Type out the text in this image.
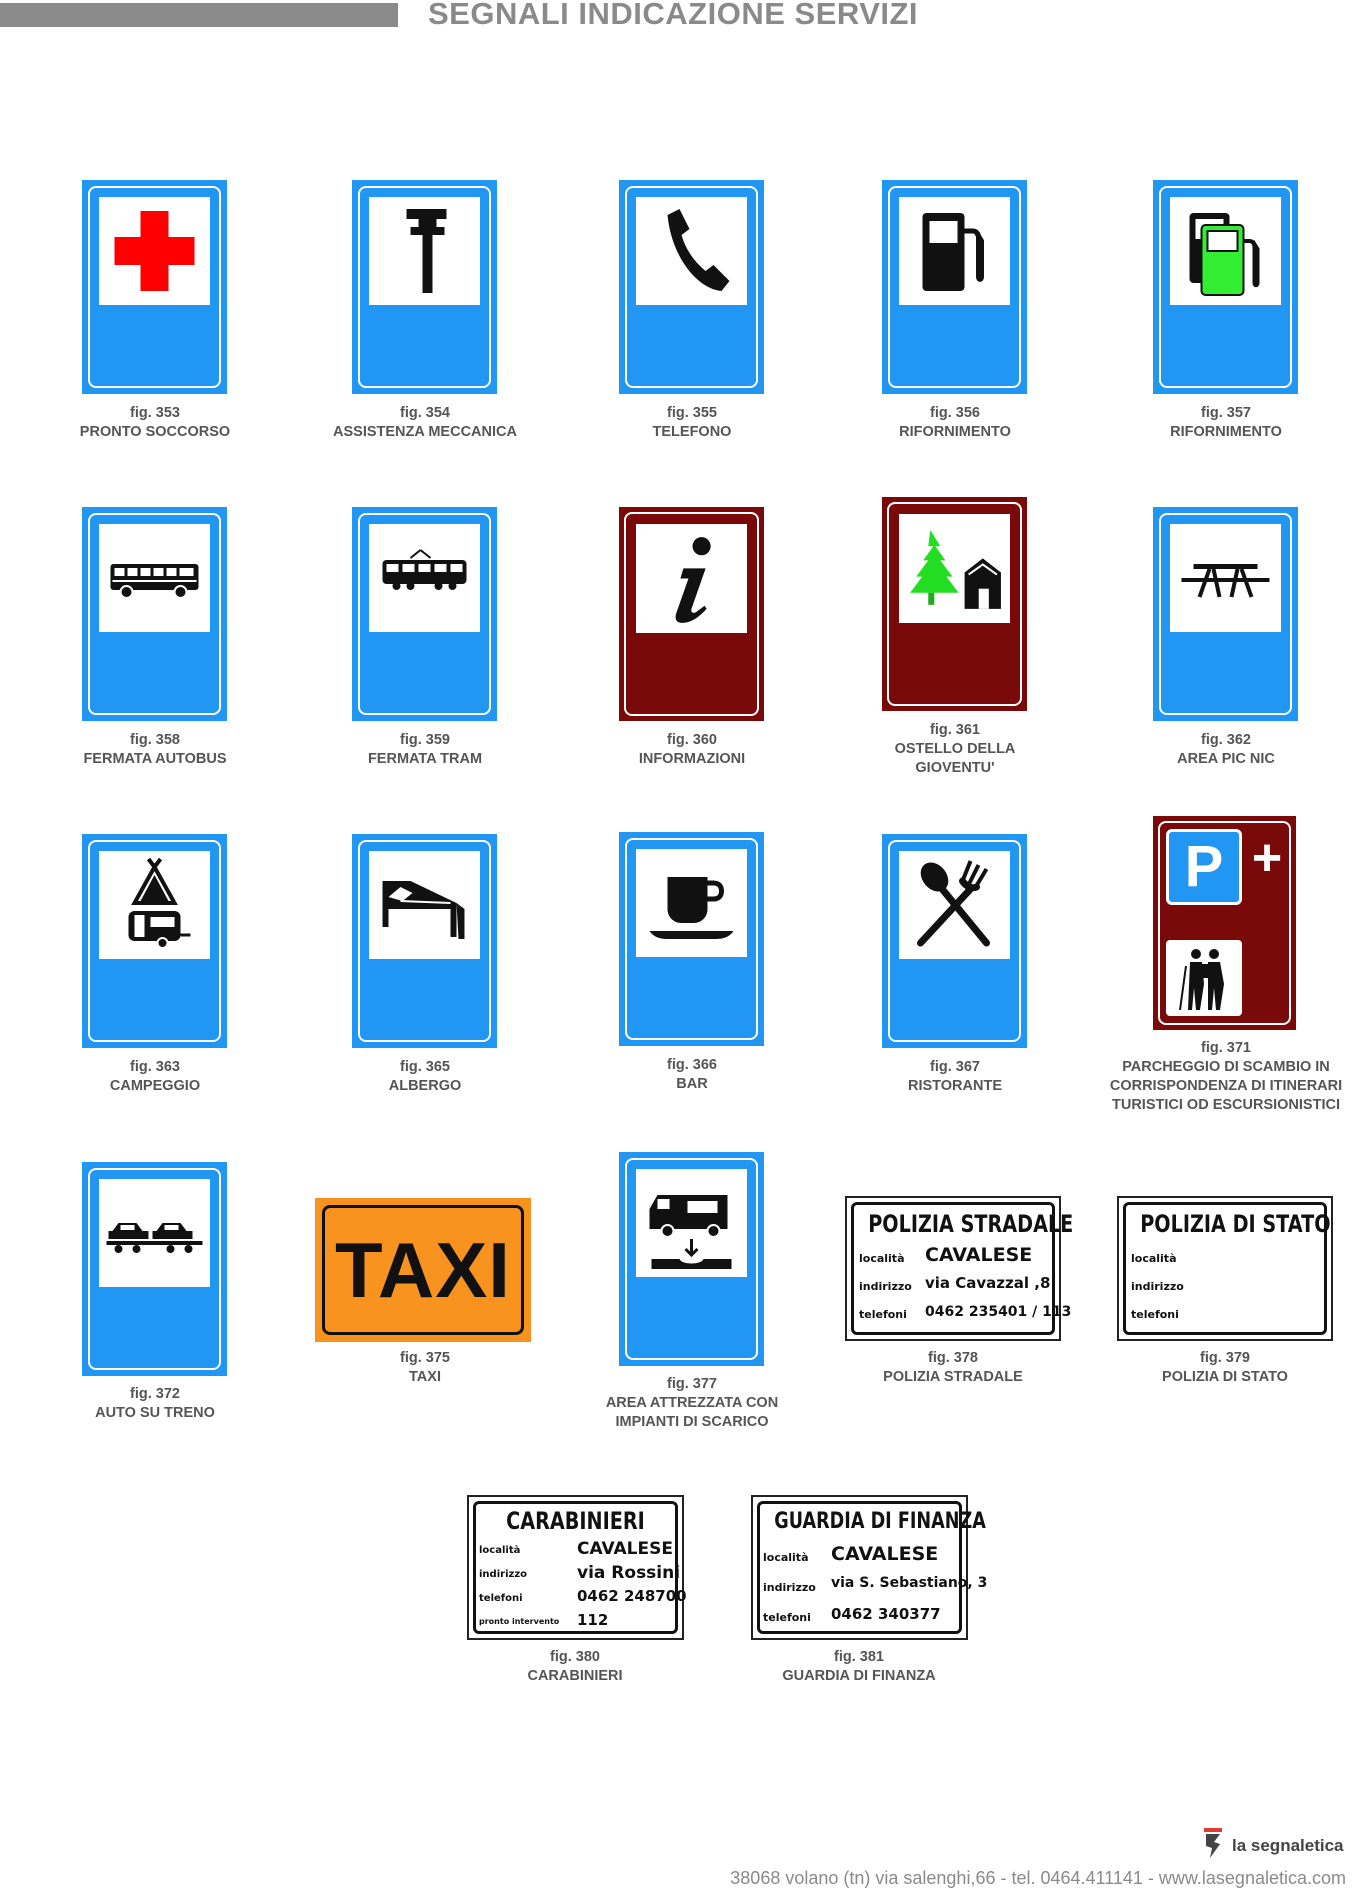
SEGNALI INDICAZIONE SERVIZI
fig. 353
PRONTO SOCCORSO
fig. 354
ASSISTENZA MECCANICA
fig. 355
TELEFONO
fig. 356
RIFORNIMENTO
fig. 357
RIFORNIMENTO
fig. 358
FERMATA AUTOBUS
fig. 359
FERMATA TRAM
fig. 360
INFORMAZIONI
fig. 361
OSTELLO DELLA
GIOVENTU'
fig. 362
AREA PIC NIC
fig. 363
CAMPEGGIO
fig. 365
ALBERGO
fig. 366
BAR
fig. 367
RISTORANTE
P +
fig. 371
PARCHEGGIO DI SCAMBIO IN
CORRISPONDENZA DI ITINERARI
TURISTICI OD ESCURSIONISTICI
fig. 372
AUTO SU TRENO
TAXI
fig. 375
TAXI	fig. 377
AREA ATTREZZATA CON
IMPIANTI DI SCARICO
POLIZIA STRADALE
località CAVALESE
indirizzo via Cavazzal ,8
telefoni 0462 235401 / 113
fig. 378
POLIZIA STRADALE
POLIZIA DI STATO
località
indirizzo
telefoni
fig. 379
POLIZIA DI STATO
CARABINIERI
località	CAVALESE
indirizzo	via Rossini
telefoni	0462 248700
pronto intervento 112
fig. 380
CARABINIERI
GUARDIA DI FINANZA
località CAVALESE
indirizzo via S. Sebastiano, 3
telefoni 0462 340377
fig. 381
GUARDIA DI FINANZA
la segnaletica
38068 volano (tn) via salenghi,66 - tel. 0464.411141 - www.lasegnaletica.com
